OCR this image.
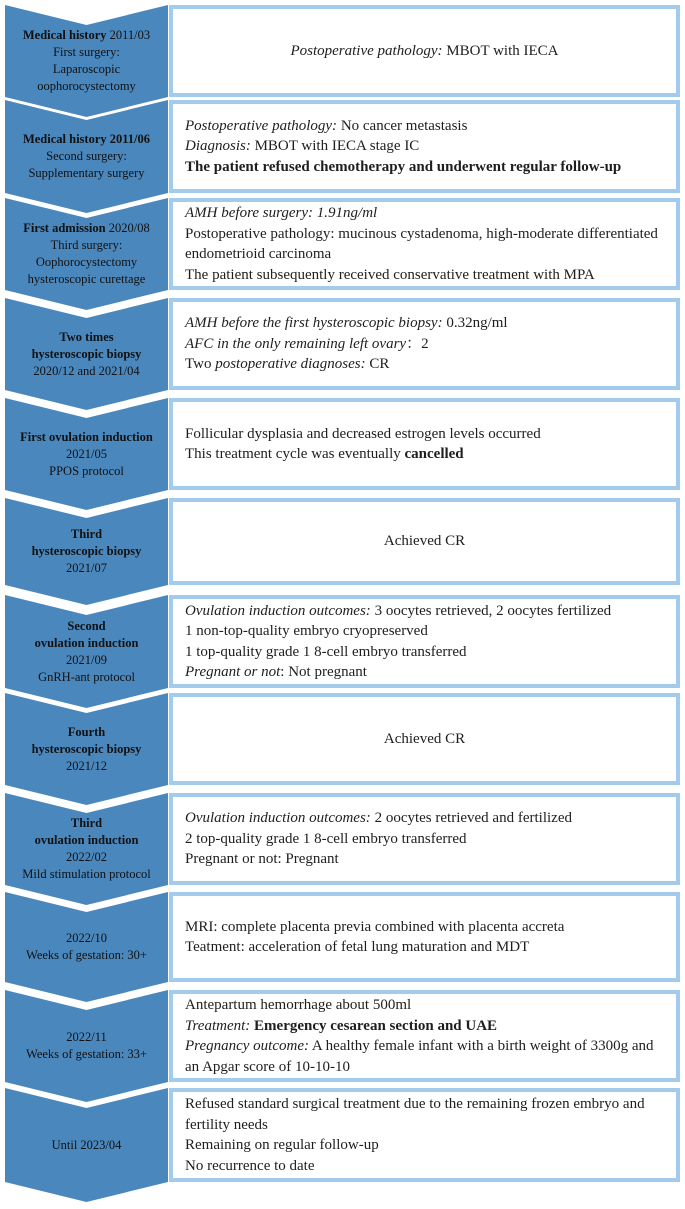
Medical history 2011/03
First surgery:
Laparoscopic
oophorocystectomy
Postoperative pathology: MBOT with IECA
Medical history 2011/06
Second surgery:
Supplementary surgery
Postoperative pathology: No cancer metastasis
Diagnosis: MBOT with IECA stage IC
The patient refused chemotherapy and underwent regular follow-up
First admission 2020/08
Third surgery:
Oophorocystectomy
hysteroscopic curettage
AMH before surgery: 1.91ng/ml
Postoperative pathology: mucinous cystadenoma, high-moderate differentiated endometrioid carcinoma
The patient subsequently received conservative treatment with MPA
Two times
hysteroscopic biopsy
2020/12 and 2021/04
AMH before the first hysteroscopic biopsy: 0.32ng/ml
AFC in the only remaining left ovary：2
Two postoperative diagnoses: CR
First ovulation induction
2021/05
PPOS protocol
Follicular dysplasia and decreased estrogen levels occurred
This treatment cycle was eventually cancelled
Third
hysteroscopic biopsy
2021/07
Achieved CR
Second
ovulation induction
2021/09
GnRH-ant protocol
Ovulation induction outcomes: 3 oocytes retrieved, 2 oocytes fertilized
1 non-top-quality embryo cryopreserved
1 top-quality grade 1 8-cell embryo transferred
Pregnant or not: Not pregnant
Fourth
hysteroscopic biopsy
2021/12
Achieved CR
Third
ovulation induction
2022/02
Mild stimulation protocol
Ovulation induction outcomes: 2 oocytes retrieved and fertilized
2 top-quality grade 1 8-cell embryo transferred
Pregnant or not: Pregnant
2022/10
Weeks of gestation: 30+
MRI: complete placenta previa combined with placenta accreta
Teatment: acceleration of fetal lung maturation and MDT
2022/11
Weeks of gestation: 33+
Antepartum hemorrhage about 500ml
Treatment: Emergency cesarean section and UAE
Pregnancy outcome: A healthy female infant with a birth weight of 3300g and an Apgar score of 10-10-10
Until 2023/04
Refused standard surgical treatment due to the remaining frozen embryo and fertility needs
Remaining on regular follow-up
No recurrence to date
